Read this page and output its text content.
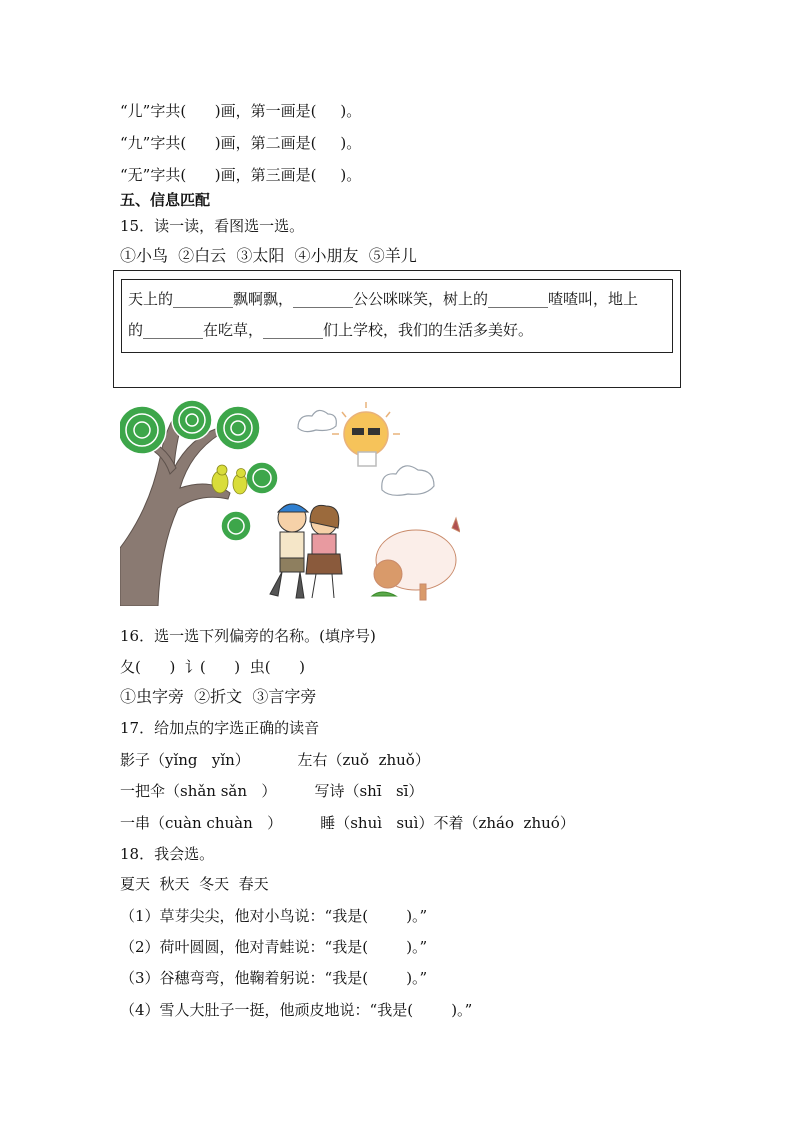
“儿”字共(      )画，第一画是(     )。
“九”字共(      )画，第二画是(     )。
“无”字共(      )画，第三画是(     )。
五、信息匹配
15．读一读，看图选一选。
①小鸟  ②白云  ③太阳  ④小朋友  ⑤羊儿
天上的________飘啊飘，________公公咪咪笑，树上的________喳喳叫，地上
的________在吃草，________们上学校，我们的生活多美好。
16．选一选下列偏旁的名称。(填序号)
夂(      )  讠(      )  虫(      )
①虫字旁  ②折文  ③言字旁
17．给加点的字选正确的读音
影子（yǐng   yǐn）          左右（zuǒ  zhuǒ）
一把伞（shǎn sǎn   ）        写诗（shī   sī）
一串（cuàn chuàn   ）        睡（shuì   suì）不着（zháo  zhuó）
18．我会选。
夏天  秋天  冬天  春天
（1）草芽尖尖，他对小鸟说：“我是(        )。”
（2）荷叶圆圆，他对青蛙说：“我是(        )。”
（3）谷穗弯弯，他鞠着躬说：“我是(        )。”
（4）雪人大肚子一挺，他顽皮地说：“我是(        )。”
